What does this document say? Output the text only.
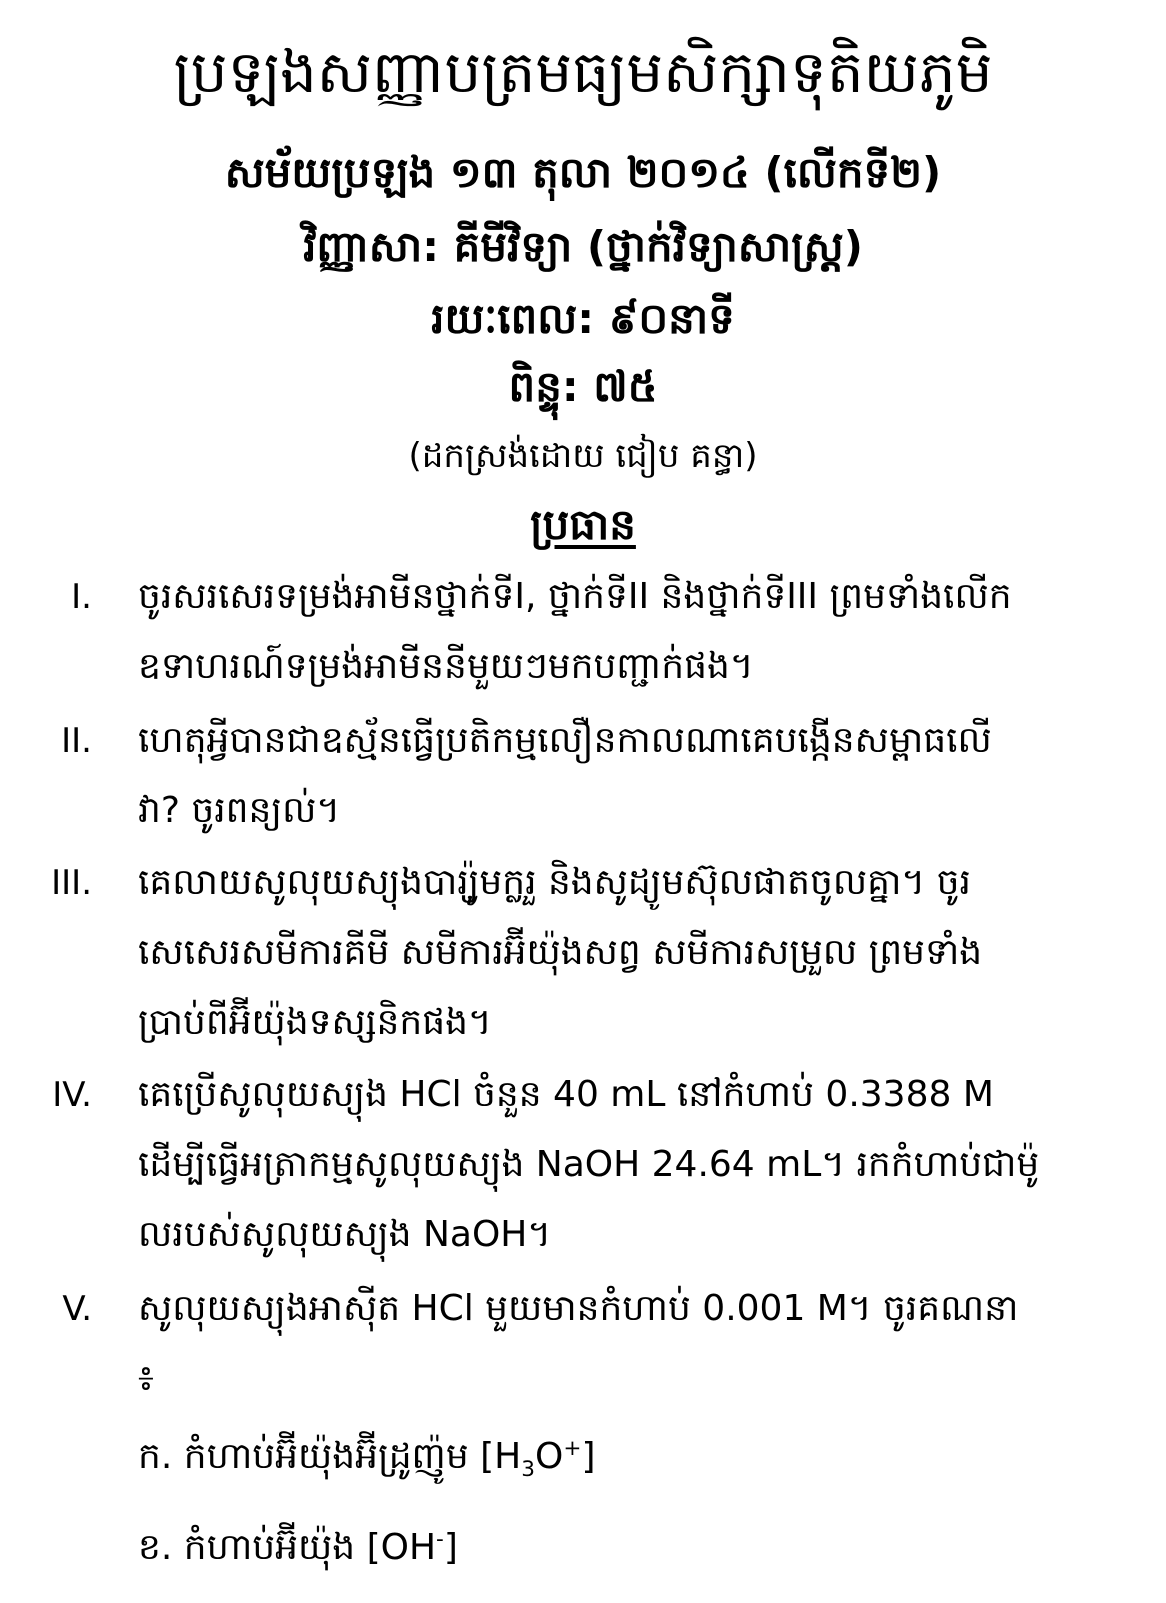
ប្រឡងសញ្ញាបត្រមធ្យមសិក្សាទុតិយភូមិ
សម័យប្រឡង ១៣ តុលា ២០១៤ (លើកទី២)
វិញ្ញាសា: គីមីវិទ្យា (ថ្នាក់វិទ្យាសាស្ត្រ)
រយៈពេល: ៩០នាទី
ពិន្ទុ: ៧៥
(ដកស្រង់ដោយ ជៀប គន្ធា)
ប្រធាន
I. ចូរសរសេរទម្រង់អាមីនថ្នាក់ទីI, ថ្នាក់ទីII និងថ្នាក់ទីIII ព្រមទាំងលើក
ឧទាហរណ៍ទម្រង់អាមីននីមួយៗមកបញ្ជាក់ផង។
II. ហេតុអ្វីបានជាឧស្ម័នធ្វើប្រតិកម្មលឿនកាលណាគេបង្កើនសម្ពាធលើ
វា? ចូរពន្យល់។
III. គេលាយសូលុយស្យុងបារ្យ៉ូមក្លរួ និងសូដ្យូមស៊ុលផាតចូលគ្នា។ ចូរ
សេសេរសមីការគីមី សមីការអ៊ីយ៉ុងសព្វ សមីការសម្រួល ព្រមទាំង
ប្រាប់ពីអ៊ីយ៉ុងទស្សនិកផង។
IV. គេប្រើសូលុយស្យុង HCl ចំនួន 40 mL នៅកំហាប់ 0.3388 M
ដើម្បីធ្វើអត្រាកម្មសូលុយស្យុង NaOH 24.64 mL។ រកកំហាប់ជាម៉ូ
លរបស់សូលុយស្យុង NaOH។
V. សូលុយស្យុងអាស៊ីត HCl មួយមានកំហាប់ 0.001 M។ ចូរគណនា
៖
ក. កំហាប់អ៊ីយ៉ុងអ៊ីដ្រូញ៉ូម $[H_3O^+]$
ខ. កំហាប់អ៊ីយ៉ុង [OH-]
